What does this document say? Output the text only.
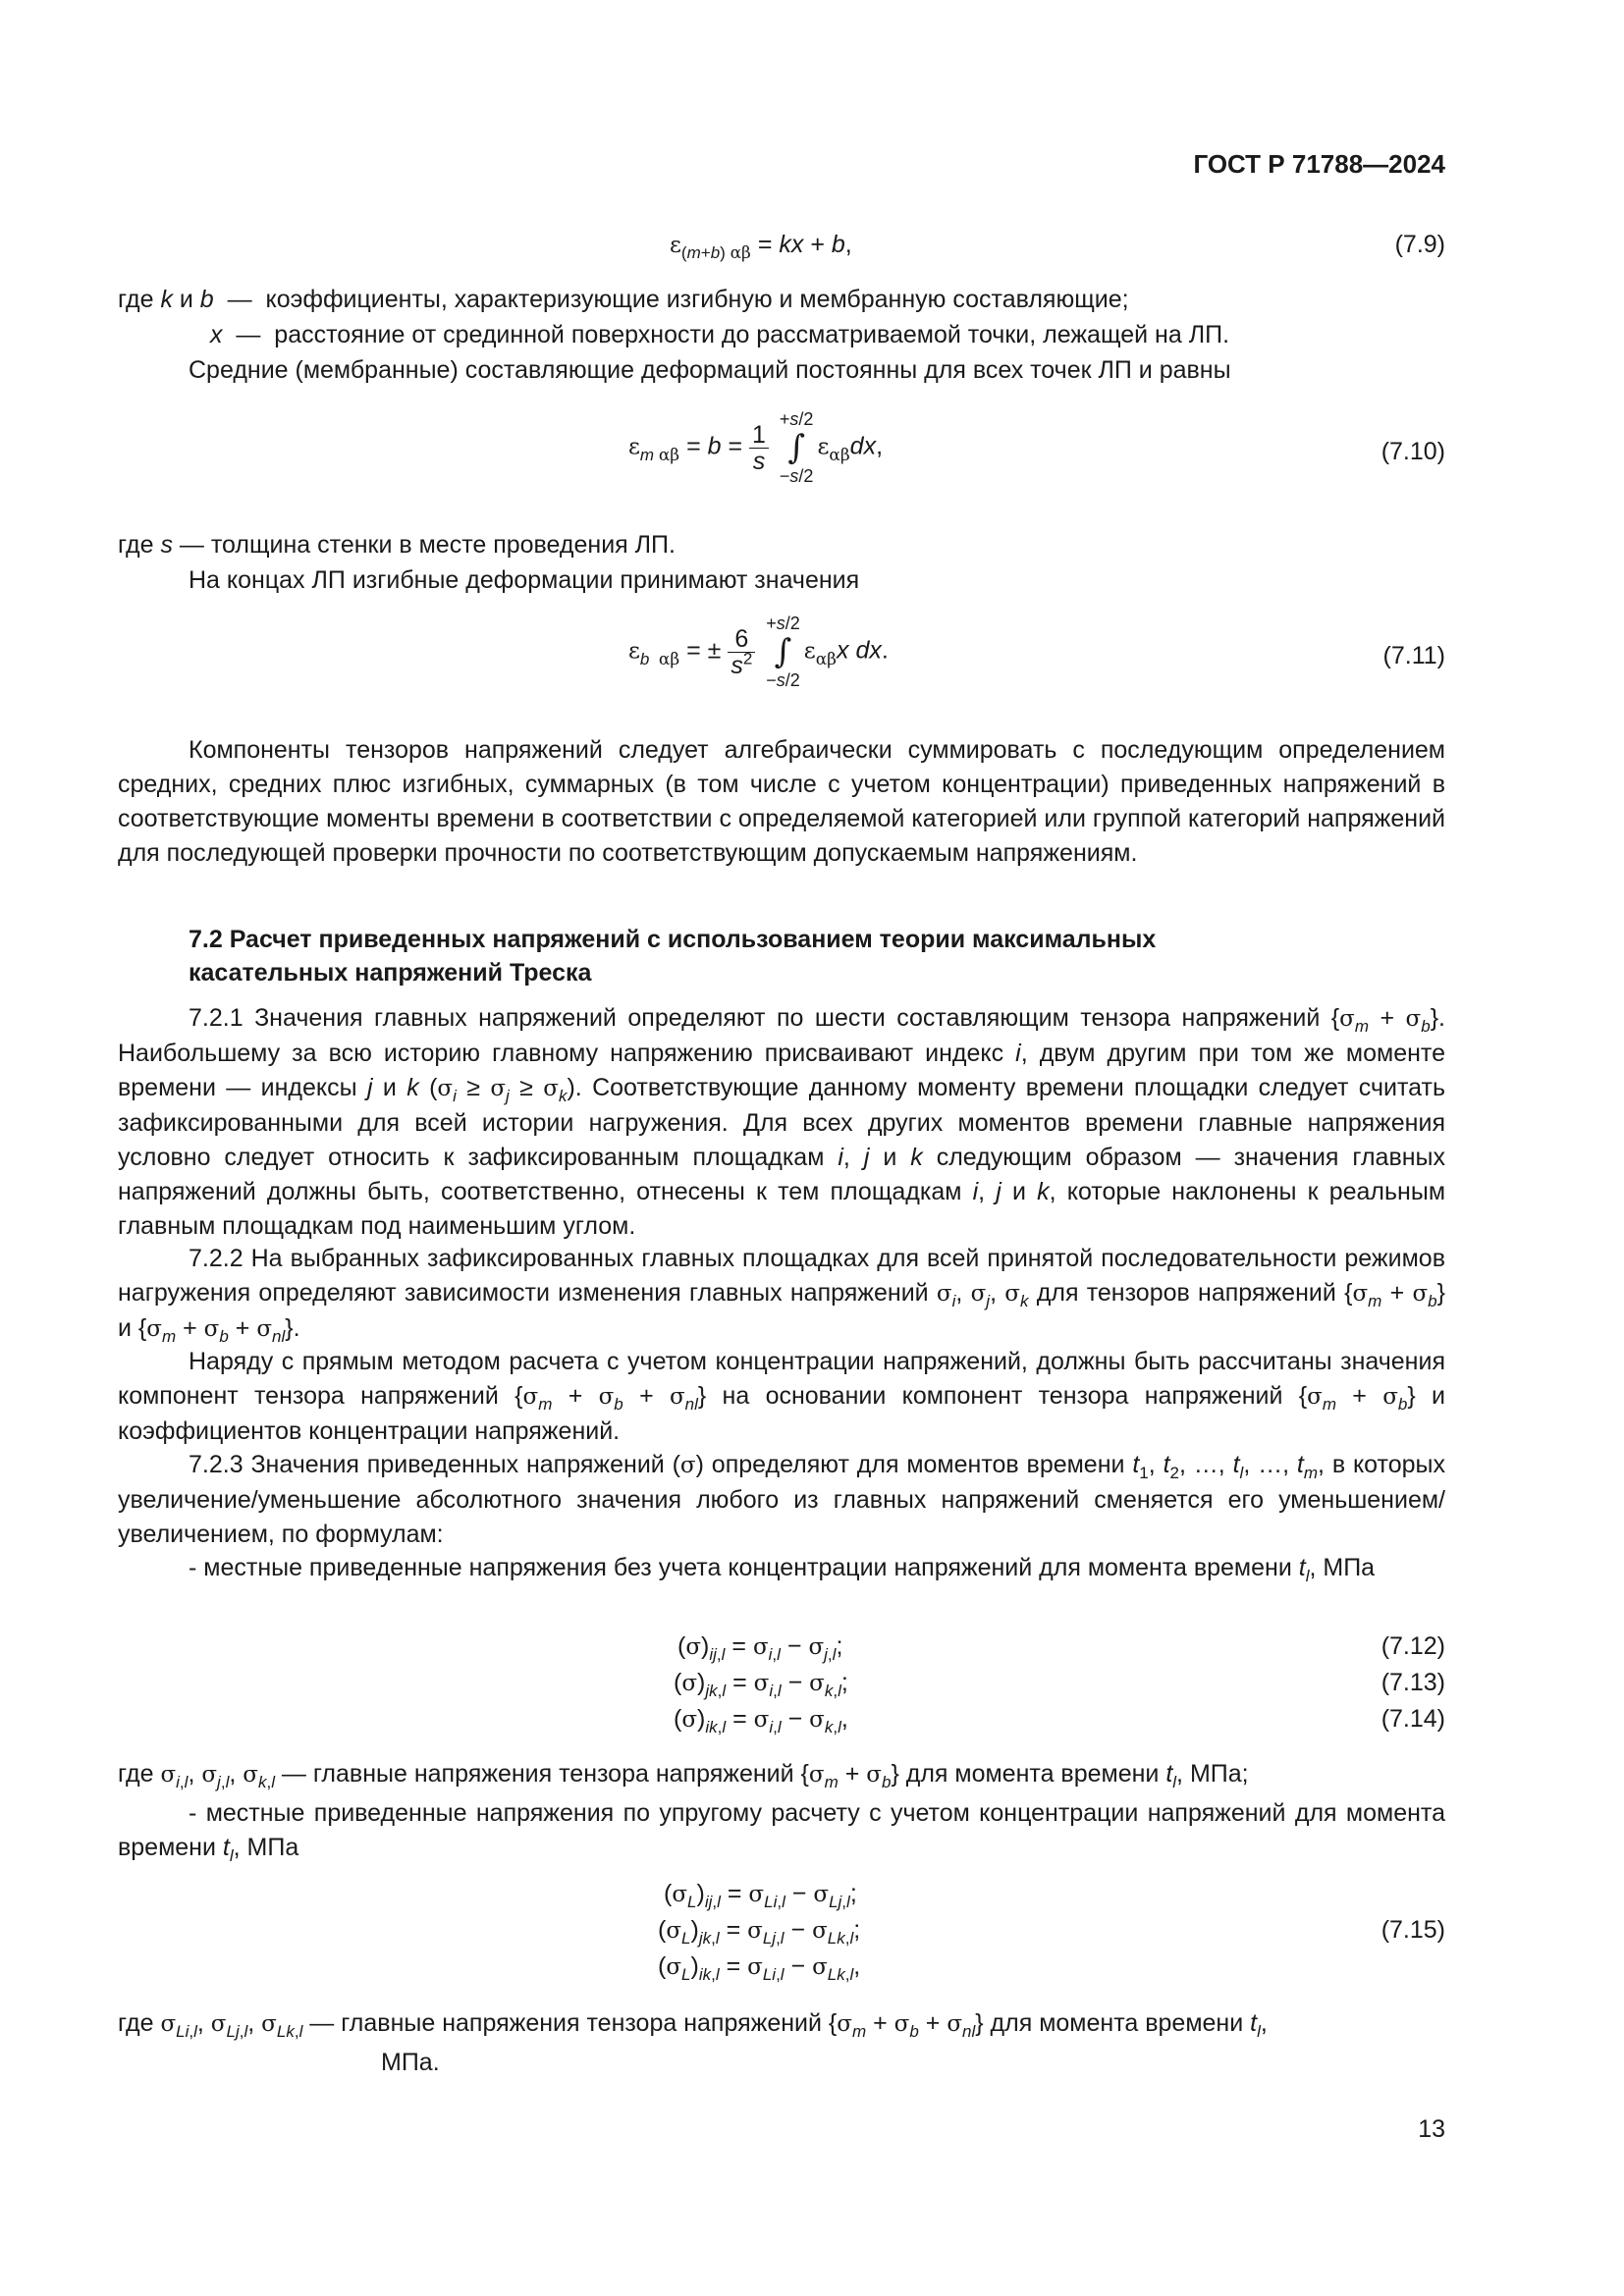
ГОСТ Р 71788—2024
$\varepsilon_{(m+b) \alpha\beta}$ = kx + b,	(7.9)
где k и b  —  коэффициенты, характеризующие изгибную и мембранную составляющие;
x  —  расстояние от срединной поверхности до рассматриваемой точки, лежащей на ЛП.
Средние (мембранные) составляющие деформаций постоянны для всех точек ЛП и равны
$\varepsilon_{m \alpha\beta} = b = \frac{1}{s}$

+s/2
∫
−s/2
$\varepsilon_{\alpha\beta}dx$,	(7.10)
где s — толщина стенки в месте проведения ЛП.
На концах ЛП изгибные деформации принимают значения
$\varepsilon_{b \alpha\beta}$ = ± $\frac{6}{s^2}$

+s/2
∫
−s/2
$\varepsilon_{\alpha\beta}x$ dx.	(7.11)
Компоненты тензоров напряжений следует алгебраически суммировать с последующим определением средних, средних плюс изгибных, суммарных (в том числе с учетом концентрации) приведенных напряжений в соответствующие моменты времени в соответствии с определяемой категорией или группой категорий напряжений для последующей проверки прочности по соответствующим допускаемым напряжениям.
7.2 Расчет приведенных напряжений с использованием теории максимальных
касательных напряжений Треска
7.2.1 Значения главных напряжений определяют по шести составляющим тензора напряжений $\{\sigma_m + \sigma_b\}$. Наибольшему за всю историю главному напряжению присваивают индекс i, двум другим при том же моменте времени — индексы j и k $(\sigma_i \ge \sigma_j \ge \sigma_k)$. Соответствующие данному моменту времени площадки следует считать зафиксированными для всей истории нагружения. Для всех других моментов времени главные напряжения условно следует относить к зафиксированным площадкам i, j и k следующим образом — значения главных напряжений должны быть, соответственно, отнесены к тем площадкам i, j и k, которые наклонены к реальным главным площадкам под наименьшим углом.
7.2.2 На выбранных зафиксированных главных площадках для всей принятой последовательности режимов нагружения определяют зависимости изменения главных напряжений $\sigma_i$, $\sigma_j$, $\sigma_k$ для тензоров напряжений $\{\sigma_m + \sigma_b\}$ и $\{\sigma_m + \sigma_b + \sigma_{nl}\}$.
Наряду с прямым методом расчета с учетом концентрации напряжений, должны быть рассчитаны значения компонент тензора напряжений $\{\sigma_m + \sigma_b + \sigma_{nl}\}$ на основании компонент тензора напряжений $\{\sigma_m + \sigma_b\}$ и коэффициентов концентрации напряжений.
7.2.3 Значения приведенных напряжений (σ) определяют для моментов времени $t_1$, $t_2$, …, $t_l$, …, $t_m$, в которых увеличение/уменьшение абсолютного значения любого из главных напряжений сменяется его уменьшением/увеличением, по формулам:
- местные приведенные напряжения без учета концентрации напряжений для момента времени $t_l$, МПа
$(\sigma)_{ij,l} = \sigma_{i,l} - \sigma_{j,l}$;	(7.12)
$(\sigma)_{jk,l} = \sigma_{i,l} - \sigma_{k,l}$;	(7.13)
$(\sigma)_{ik,l} = \sigma_{i,l} - \sigma_{k,l}$,	(7.14)
где $\sigma_{i,l}$, $\sigma_{j,l}$, $\sigma_{k,l}$ — главные напряжения тензора напряжений $\{\sigma_m + \sigma_b\}$ для момента времени $t_l$, МПа;
- местные приведенные напряжения по упругому расчету с учетом концентрации напряжений для момента времени $t_l$, МПа
$(\sigma_L)_{ij,l} = \sigma_{Li,l} - \sigma_{Lj,l}$;
$(\sigma_L)_{jk,l} = \sigma_{Lj,l} - \sigma_{Lk,l}$;
$(\sigma_L)_{ik,l} = \sigma_{Li,l} - \sigma_{Lk,l}$,
(7.15)
где $\sigma_{Li,l}$, $\sigma_{Lj,l}$, $\sigma_{Lk,l}$ — главные напряжения тензора напряжений $\{\sigma_m + \sigma_b + \sigma_{nl}\}$ для момента времени $t_l$,
МПа.
13
